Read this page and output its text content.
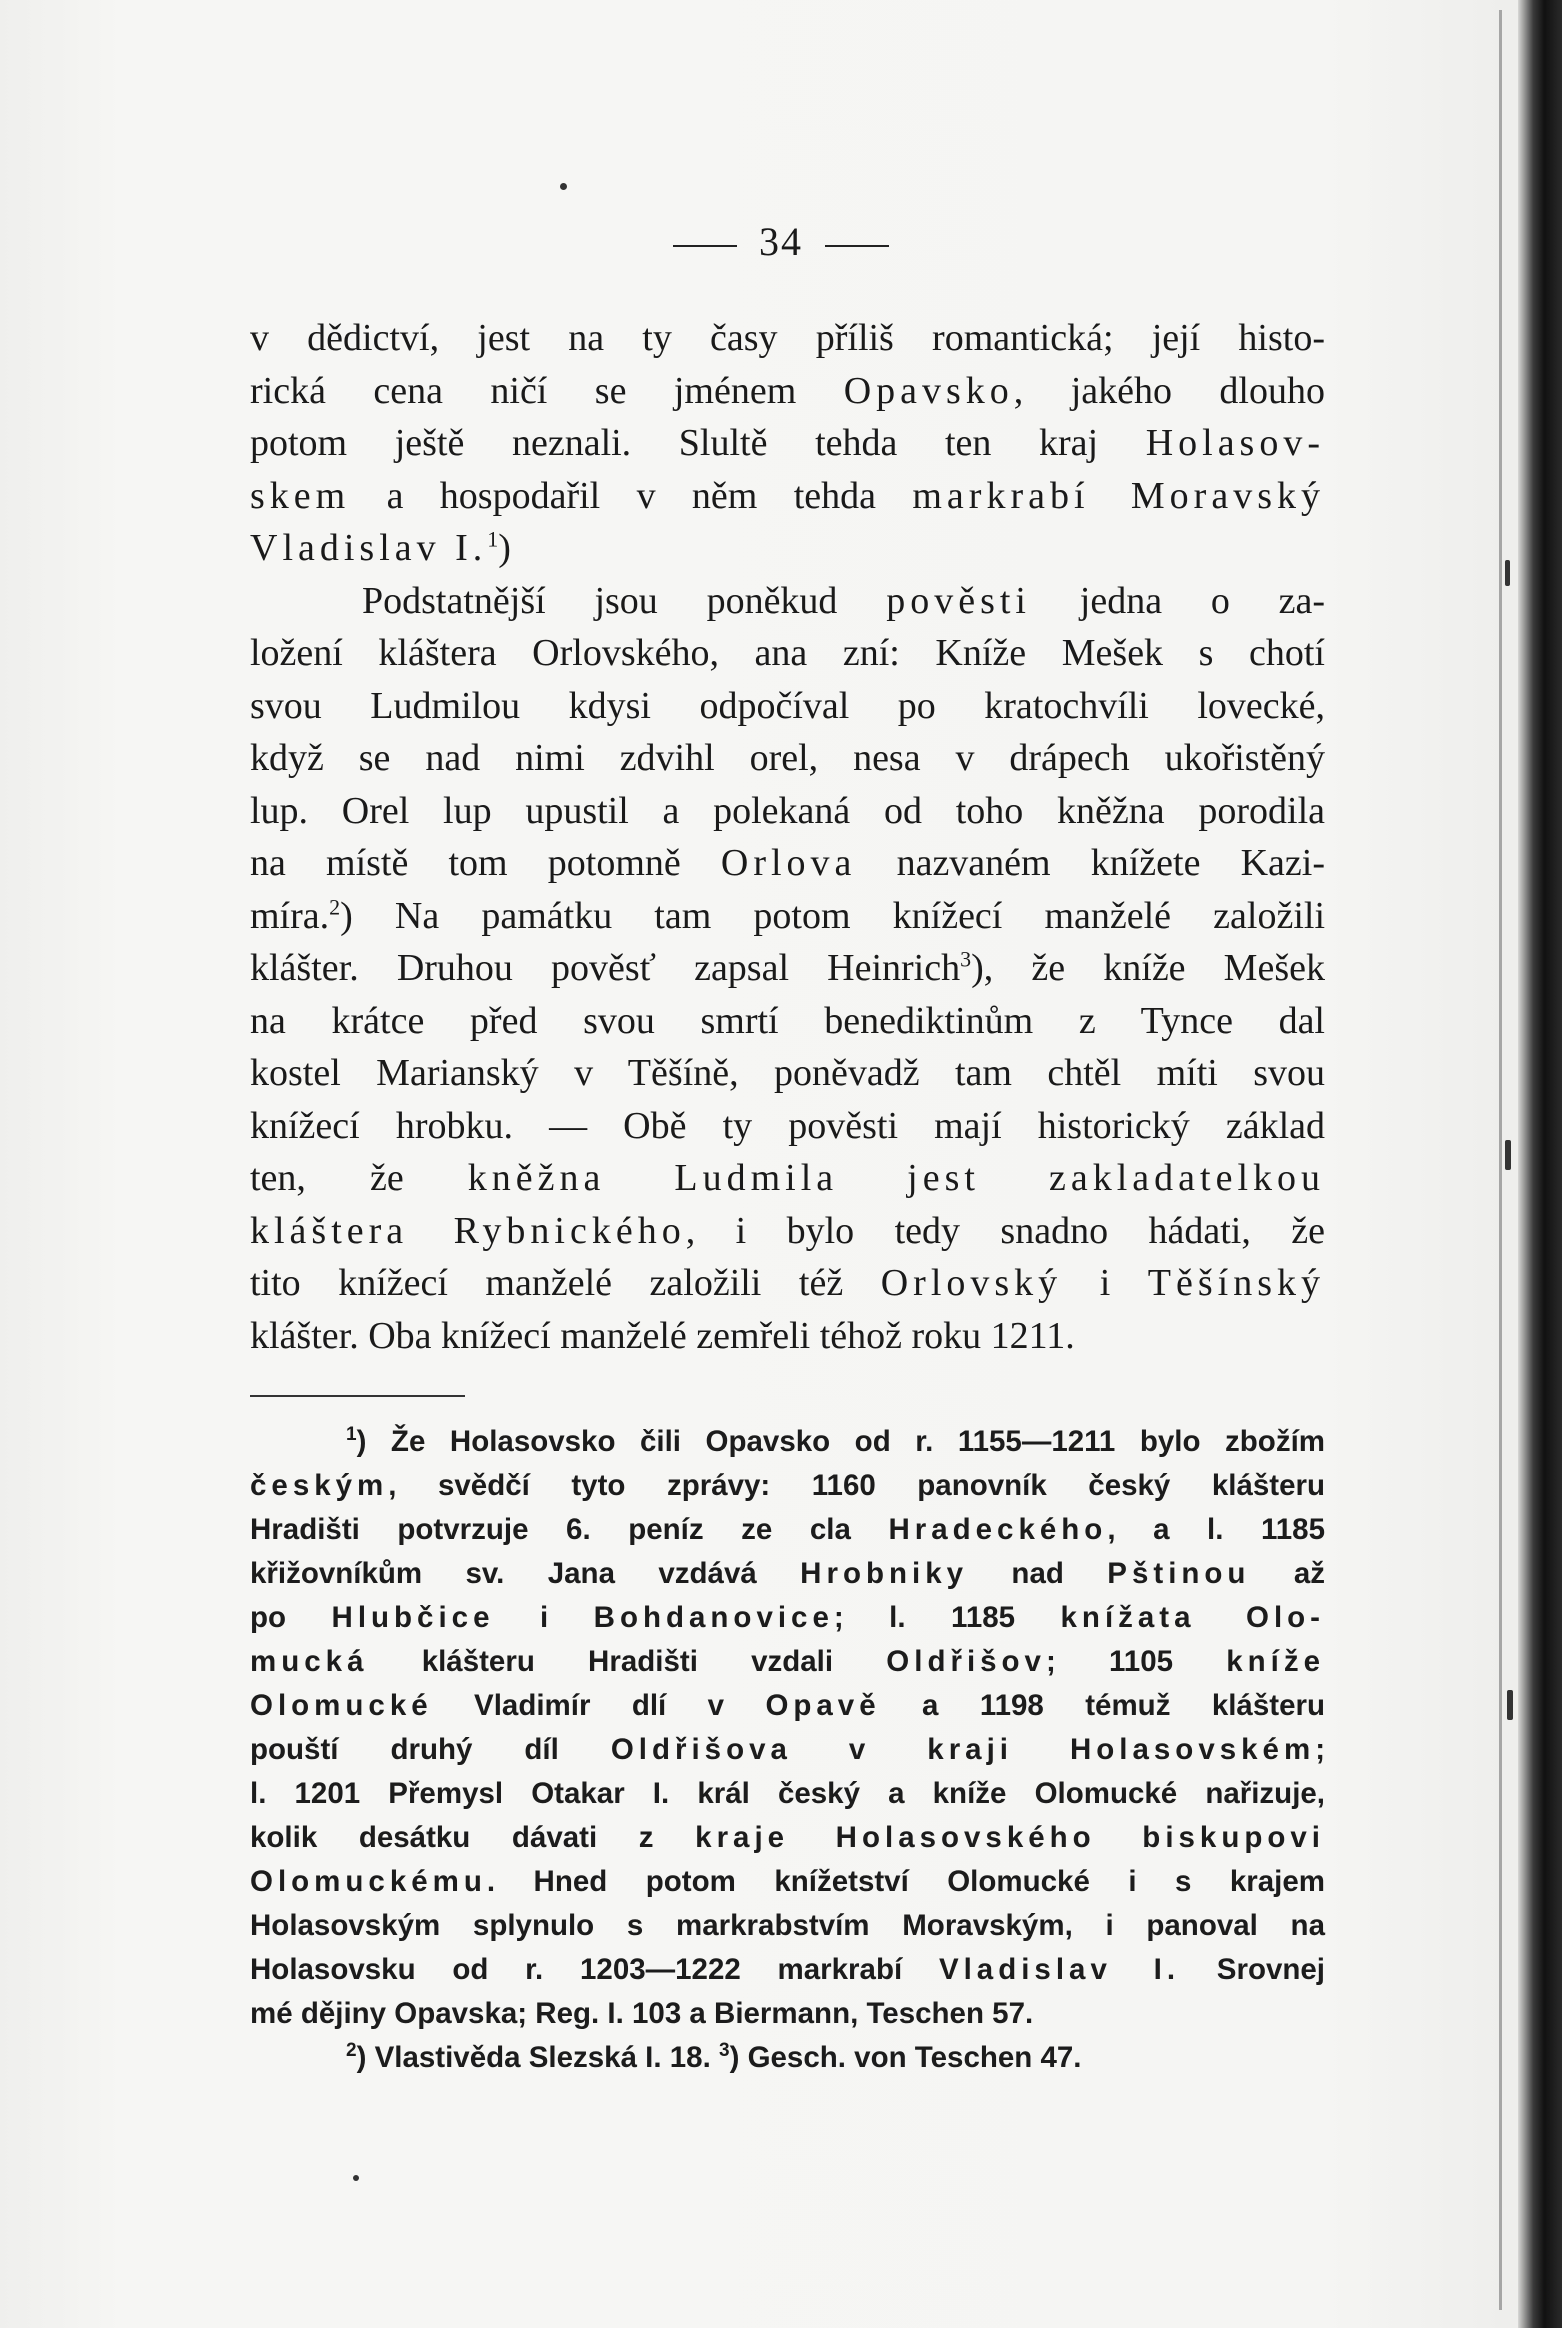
34
v dědictví, jest na ty časy příliš romantická; její histo-
rická cena ničí se jménem Opavsko, jakého dlouho
potom ještě neznali. Slultě tehda ten kraj Holasov-
skem a hospodařil v něm tehda markrabí Moravský
Vladislav I.$^1$)
Podstatnější jsou poněkud pověsti jedna o za-
ložení kláštera Orlovského, ana zní: Kníže Mešek s chotí
svou Ludmilou kdysi odpočíval po kratochvíli lovecké,
když se nad nimi zdvihl orel, nesa v drápech ukořistěný
lup. Orel lup upustil a polekaná od toho kněžna porodila
na místě tom potomně Orlova nazvaném knížete Kazi-
míra.$^2$) Na památku tam potom knížecí manželé založili
klášter. Druhou pověsť zapsal Heinrich$^3$), že kníže Mešek
na krátce před svou smrtí benediktinům z Tynce dal
kostel Marianský v Těšíně, poněvadž tam chtěl míti svou
knížecí hrobku. — Obě ty pověsti mají historický základ
ten, že kněžna Ludmila jest zakladatelkou
kláštera Rybnického, i bylo tedy snadno hádati, že
tito knížecí manželé založili též Orlovský i Těšínský
klášter. Oba knížecí manželé zemřeli téhož roku 1211.
$^1$) Že Holasovsko čili Opavsko od r. 1155—1211 bylo zbožím
českým, svědčí tyto zprávy: 1160 panovník český klášteru
Hradišti potvrzuje 6. peníz ze cla Hradeckého, a l. 1185
křižovníkům sv. Jana vzdává Hrobniky nad Pštinou až
po Hlubčice i Bohdanovice; l. 1185 knížata Olo-
mucká klášteru Hradišti vzdali Oldřišov; 1105 kníže
Olomucké Vladimír dlí v Opavě a 1198 témuž klášteru
pouští druhý díl Oldřišova v kraji Holasovském;
l. 1201 Přemysl Otakar I. král český a kníže Olomucké nařizuje,
kolik desátku dávati z kraje Holasovského biskupovi
Olomuckému. Hned potom knížetství Olomucké i s krajem
Holasovským splynulo s markrabstvím Moravským, i panoval na
Holasovsku od r. 1203—1222 markrabí Vladislav I. Srovnej
mé dějiny Opavska; Reg. I. 103 a Biermann, Teschen 57.
$^2$) Vlastivěda Slezská I. 18. $^3$) Gesch. von Teschen 47.
